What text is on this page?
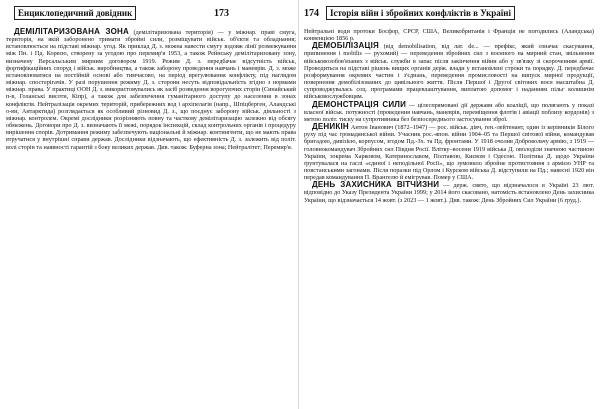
Енциклопедичний довідник	173

ДЕМІЛІТАРИЗОВАНА ЗОНА (демілітаризована територія) — у міжнар. праві смуга, територія, на якій заборонено тримати збройні сили, розміщувати військ. об'єкти та обладнання; встановлюється на підставі міжнар. угод. Як приклад Д. з. можна навести смугу вздовж лінії розмежування між Пн. і Пд. Кореєю, створену за угодою про перемир'я 1953, а також Рейнську демілітаризовану зону, визначену Версальським мирним договором 1919. Режим Д. з. передбачає відсутність військ, фортифікаційних споруд і військ. виробництва, а також заборону проведення навчань і маневрів. Д. з. може встановлюватися на постійній основі або тимчасово, на період врегулювання конфлікту, під наглядом міжнар. спостерігачів. У разі порушення режиму Д. з. сторони несуть відповідальність згідно з нормами міжнар. права. У практиці ООН Д. з. використовувались як засіб розведення ворогуючих сторін (Синайський п-в, Голанські висоти, Кіпр), а також для забезпечення гуманітарного доступу до населення в зонах конфліктів. Нейтралізація окремих територій, прибережних вод і архіпелагів (напр., Шпіцберген, Аландські о-ви, Антарктида) розглядається як особливий різновид Д. з., що поєднує заборону військ. діяльності з міжнар. контролем. Окремі дослідники розрізняють повну та часткову демілітаризацію залежно від обсягу обмежень. Договори про Д. з. визначають її межі, порядок інспекцій, склад контрольних органів і процедуру вирішення спорів. Дотримання режиму забезпечують національні й міжнар. контингенти, що не мають права втручатися у внутрішні справи держав. Дослідники відзначають, що ефективність Д. з. залежить від політ. волі сторін та наявності гарантій з боку великих держав. Див. також: Буферна зона; Нейтралітет; Перемир'я.

174	Історія війн і збройних конфліктів в Україні

Нейтральні води протоки Босфор, СРСР, США, Великобританія і Франція не погодились (Аландська) конвенцією 1856 р.

ДЕМОБІЛІЗАЦІЯ (від demobilisation, від лат. de... — префікс, який означає скасування, припинення і mobilis — рухомий) — переведення збройних сил з воєнного на мирний стан, звільнення військовозобов'язаних з військ. служби в запас після закінчення війни або у зв'язку зі скороченням армії. Проводиться на підставі рішень вищих органів держ. влади у встановлені строки та порядку. Д. передбачає розформування окремих частин і з'єднань, переведення промисловості на випуск мирної продукції, повернення демобілізованих до цивільного життя. Після Першої і Другої світових воєн масштабна Д. супроводжувалась соц. програмами працевлаштування, виплатою допомог і наданням пільг колишнім військовослужбовцям.

ДЕМОНСТРАЦІЯ СИЛИ — цілеспрямовані дії держави або коаліції, що полягають у показі власної військ. потужності (проведення навчань, маневрів, переміщення флотів і авіації поблизу кордонів) з метою політ. тиску на супротивника без безпосереднього застосування зброї.

ДЕНИКІН Антон Іванович (1872–1947) — рос. військ. діяч, ген.-лейтенант, один із керівників Білого руху під час громадянської війни. Учасник рос.-япон. війни 1904–05 та Першої світової війни, командував бригадою, дивізією, корпусом, згодом Пд.-Зх. та Пд. фронтами. У 1918 очолив Добровольчу армію, з 1919 — головнокомандувач Збройних сил Півдня Росії. Влітку–восени 1919 війська Д. оволоділи значною частиною України, зокрема Харковом, Катеринославом, Полтавою, Києвом і Одесою. Політика Д. щодо України ґрунтувалася на гаслі «єдиної і неподільної Росії», що зумовило збройне протистояння з армією УНР та повстанськими загонами. Після поразки під Орлом і Курском війська Д. відступили на Пд.; навесні 1920 він передав командування П. Врангелю й емігрував. Помер у США.

ДЕНЬ ЗАХИСНИКА ВІТЧИЗНИ — держ. свято, що відзначалося в Україні 23 лют. відповідно до Указу Президента України 1999; у 2014 його скасовано, натомість встановлено День захисника України, що відзначається 14 жовт. (з 2023 — 1 жовт.). Див. також: День Збройних Сил України (6 груд.).
